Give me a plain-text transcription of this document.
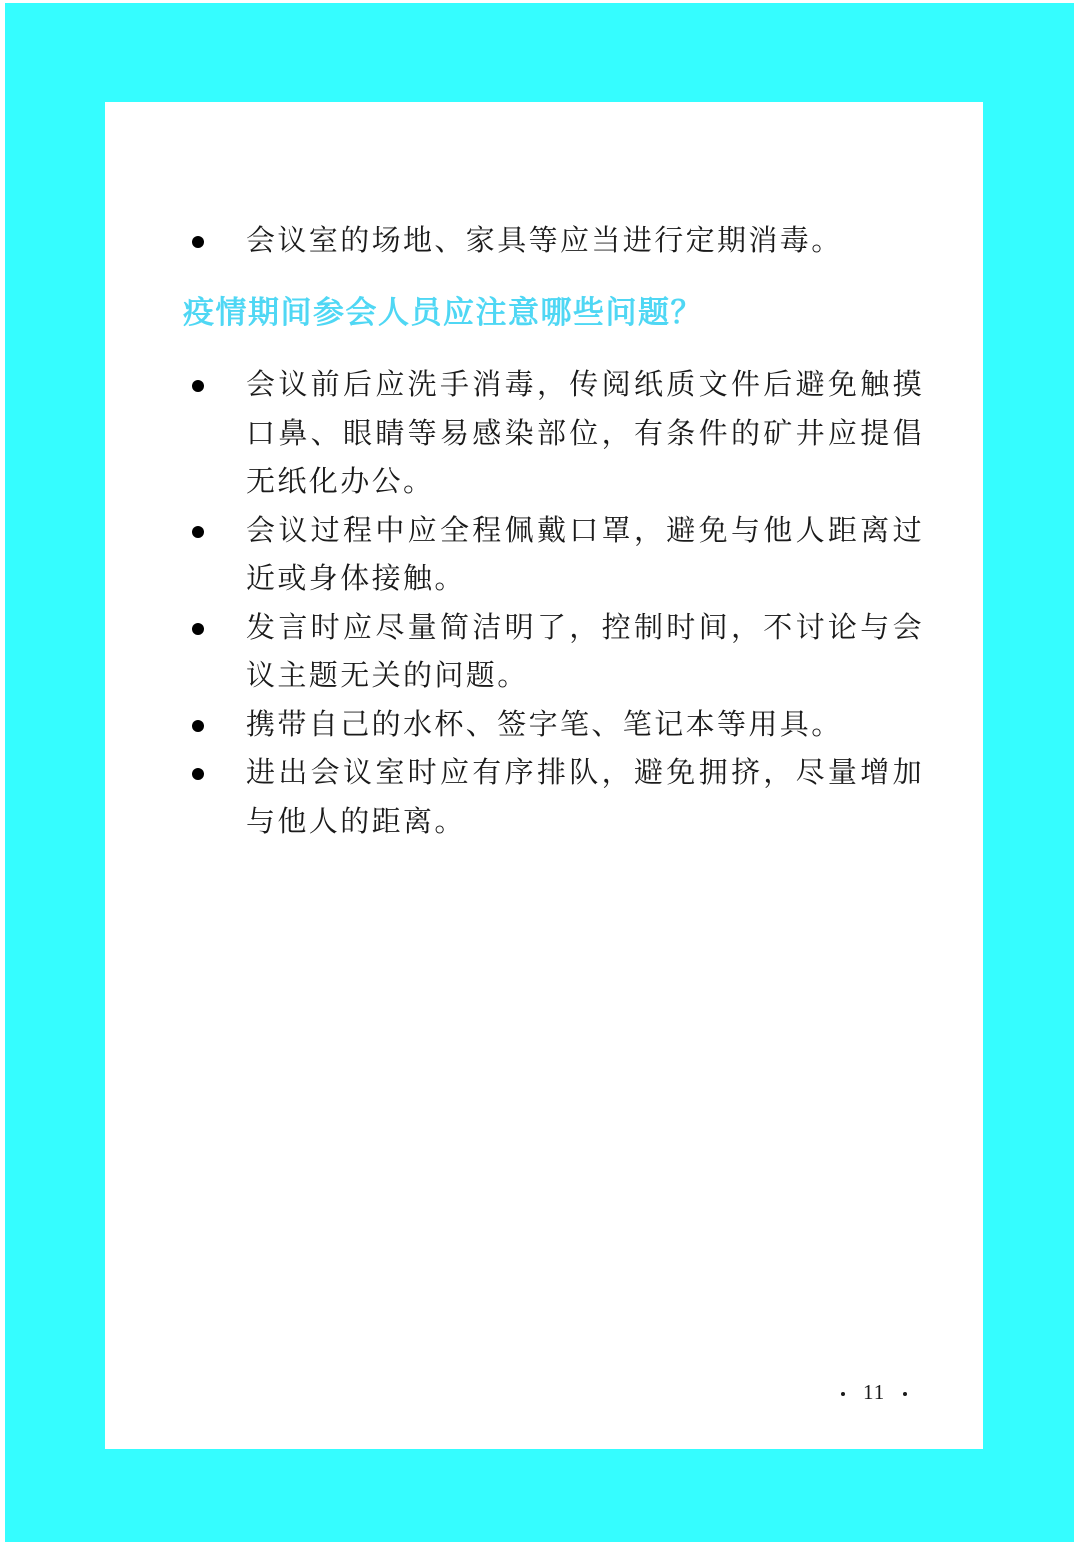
会议室的场地、家具等应当进行定期消毒。
疫情期间参会人员应注意哪些问题？
会议前后应洗手消毒，传阅纸质文件后避免触摸口鼻、眼睛等易感染部位，有条件的矿井应提倡无纸化办公。
会议过程中应全程佩戴口罩，避免与他人距离过近或身体接触。
发言时应尽量简洁明了，控制时间，不讨论与会议主题无关的问题。
携带自己的水杯、签字笔、笔记本等用具。
进出会议室时应有序排队，避免拥挤，尽量增加与他人的距离。
11
